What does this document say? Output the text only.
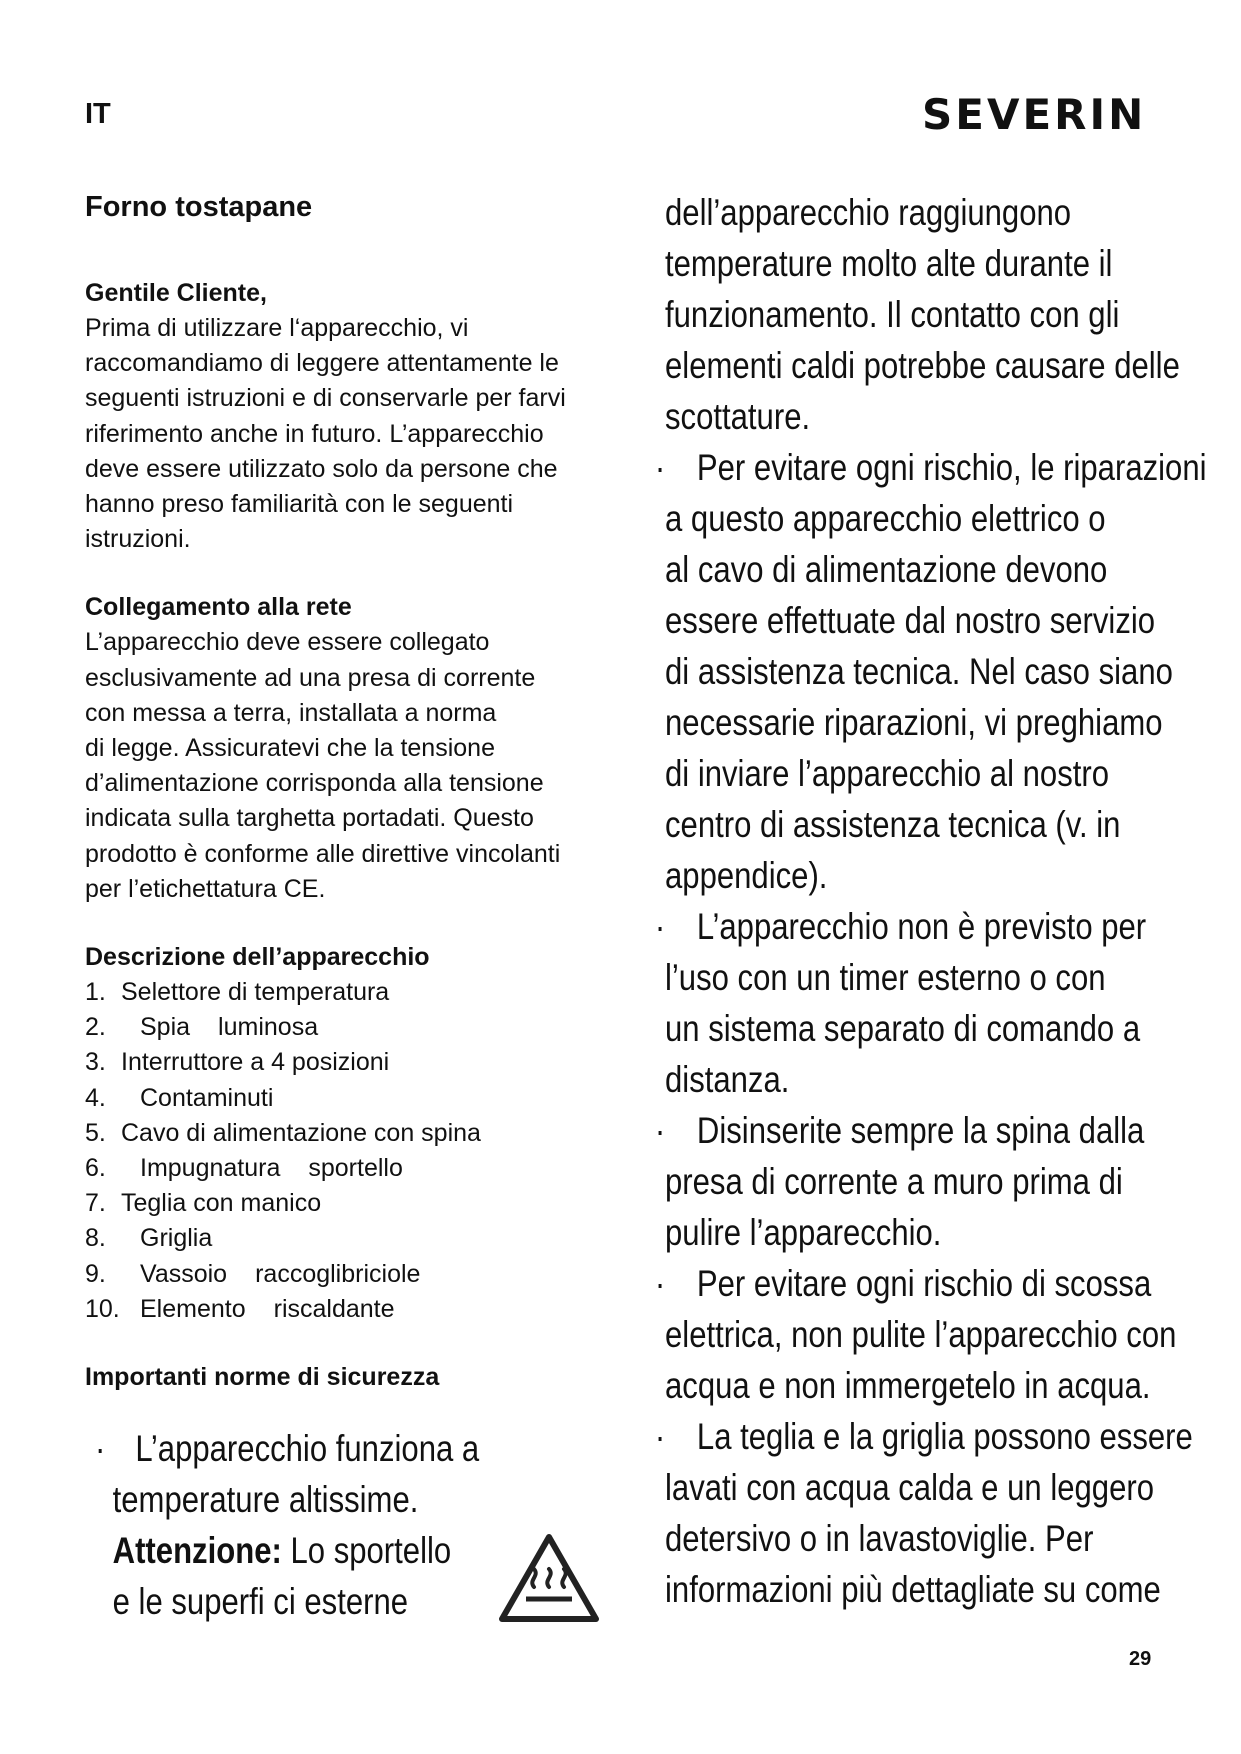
IT	SEVERIN
Forno tostapane
Gentile Cliente,
Prima di utilizzare l‘apparecchio, vi
raccomandiamo di leggere attentamente le
seguenti istruzioni e di conservarle per farvi
riferimento anche in futuro. L’apparecchio
deve essere utilizzato solo da persone che
hanno preso familiarità con le seguenti
istruzioni.
Collegamento alla rete
L’apparecchio deve essere collegato
esclusivamente ad una presa di corrente
con messa a terra, installata a norma
di legge. Assicuratevi che la tensione
d’alimentazione corrisponda alla tensione
indicata sulla targhetta portadati. Questo
prodotto è conforme alle direttive vincolanti
per l’etichettatura CE.
Descrizione dell’apparecchio
1. Selettore di temperatura
2.	Spia luminosa
3. Interruttore a 4 posizioni
4.	Contaminuti
5. Cavo di alimentazione con spina
6.	Impugnatura sportello
7. Teglia con manico
8.	Griglia
9.	Vassoio raccoglibriciole
10. Elemento riscaldante
Importanti norme di sicurezza
· L’apparecchio funziona a
temperature altissime.
Attenzione: Lo sportello
e le superfi ci esterne
dell’apparecchio raggiungono
temperature molto alte durante il
funzionamento. Il contatto con gli
elementi caldi potrebbe causare delle
scottature.
· Per evitare ogni rischio, le riparazioni
a questo apparecchio elettrico o
al cavo di alimentazione devono
essere effettuate dal nostro servizio
di assistenza tecnica. Nel caso siano
necessarie riparazioni, vi preghiamo
di inviare l’apparecchio al nostro
centro di assistenza tecnica (v. in
appendice).
· L’apparecchio non è previsto per
l’uso con un timer esterno o con
un sistema separato di comando a
distanza.
· Disinserite sempre la spina dalla
presa di corrente a muro prima di
pulire l’apparecchio.
· Per evitare ogni rischio di scossa
elettrica, non pulite l’apparecchio con
acqua e non immergetelo in acqua.
· La teglia e la griglia possono essere
lavati con acqua calda e un leggero
detersivo o in lavastoviglie. Per
informazioni più dettagliate su come
29
